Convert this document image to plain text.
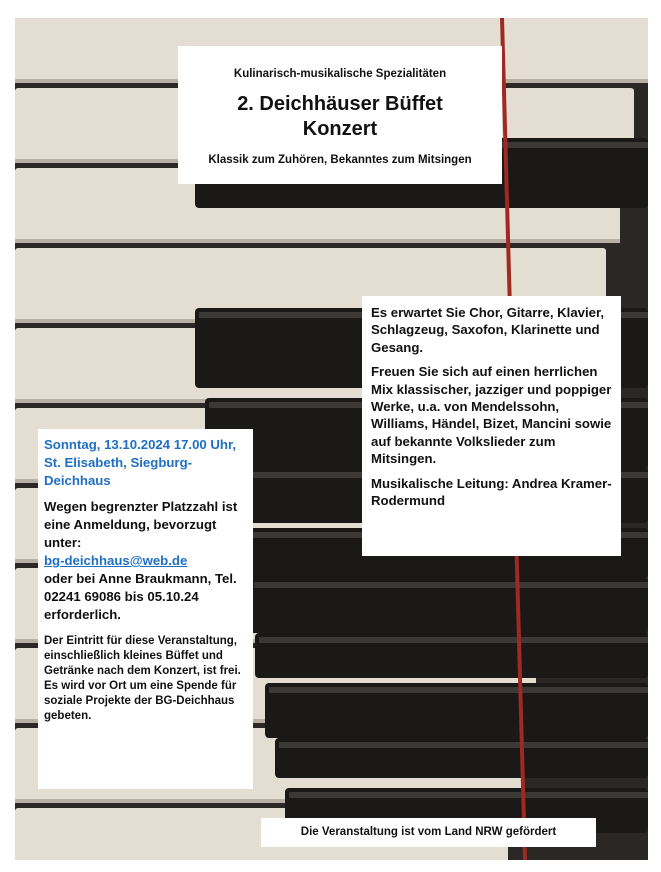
Kulinarisch-musikalische Spezialitäten
2. Deichhäuser Büffet
Konzert
Klassik zum Zuhören, Bekanntes zum Mitsingen

Es erwartet Sie Chor, Gitarre, Klavier, Schlagzeug, Saxofon, Klarinette und Gesang.

Freuen Sie sich auf einen herrlichen Mix klassischer, jazziger und poppiger Werke, u.a. von Mendelssohn, Williams, Händel, Bizet, Mancini sowie auf bekannte Volkslieder zum Mitsingen.

Musikalische Leitung: Andrea Kramer-Rodermund

Sonntag, 13.10.2024 17.00 Uhr, St. Elisabeth, Siegburg-Deichhaus
Wegen begrenzter Platzzahl ist eine Anmeldung, bevorzugt unter:
bg-deichhaus@web.de
oder bei Anne Braukmann, Tel. 02241 69086 bis 05.10.24 erforderlich.
Der Eintritt für diese Veranstaltung, einschließlich kleines Büffet und Getränke nach dem Konzert, ist frei. Es wird vor Ort um eine Spende für soziale Projekte der BG-Deichhaus gebeten.
Die Veranstaltung ist vom Land NRW gefördert
